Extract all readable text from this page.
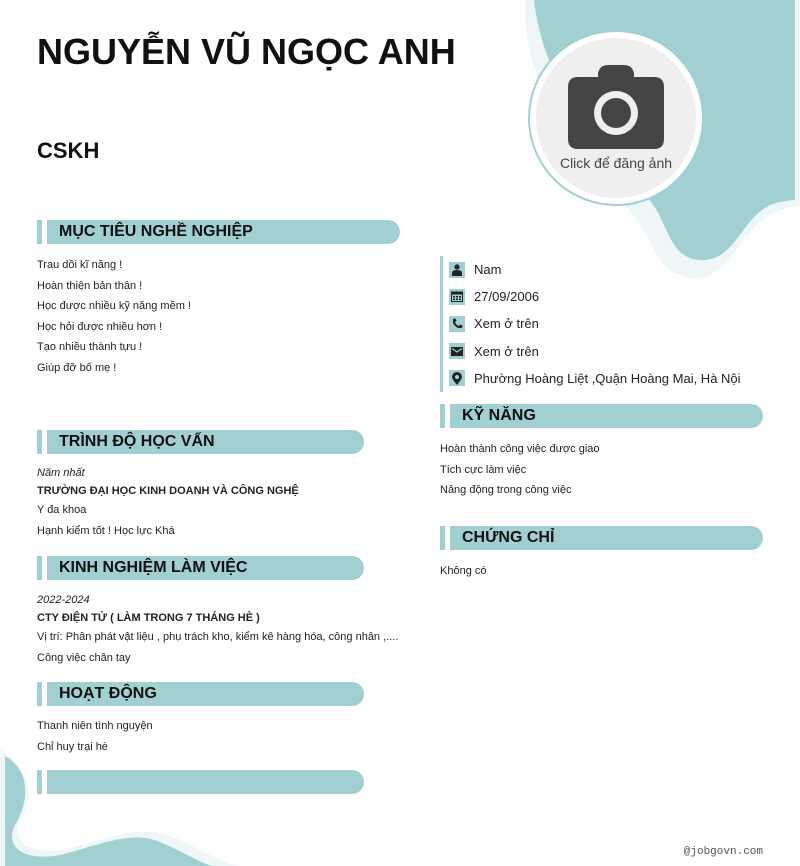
NGUYỄN VŨ NGỌC ANH
CSKH	Click để đăng ảnh
MỤC TIÊU NGHỀ NGHIỆP
Trau dồi kĩ năng !
Hoàn thiện bản thân !
Học được nhiều kỹ năng mềm !
Học hỏi được nhiều hơn !
Tạo nhiều thành tựu !
Giúp đỡ bố mẹ !
TRÌNH ĐỘ HỌC VẤN
Năm nhất
TRƯỜNG ĐẠI HỌC KINH DOANH VÀ CÔNG NGHỆ
Y đa khoa
Hạnh kiểm tốt ! Học lực Khá
KINH NGHIỆM LÀM VIỆC
2022-2024
CTY ĐIỆN TỬ ( LÀM TRONG 7 THÁNG HÈ )
Vị trí: Phân phát vật liệu , phụ trách kho, kiểm kê hàng hóa, công nhân ,....
Công việc chân tay
HOẠT ĐỘNG
Thanh niên tình nguyện
Chỉ huy trại hè
Nam
27/09/2006
Xem ở trên
Xem ở trên
Phường Hoàng Liệt ,Quận Hoàng Mai, Hà Nội
KỸ NĂNG
Hoàn thành công việc được giao
Tích cực làm việc
Năng động trong công việc
CHỨNG CHỈ
Không có
@jobgovn.com
